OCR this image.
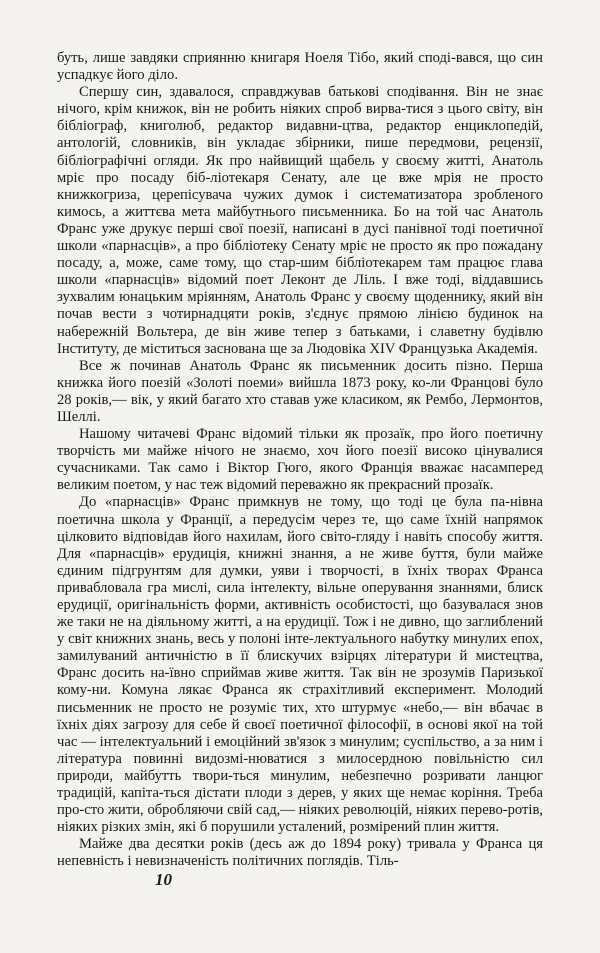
буть, лише завдяки сприянню книгаря Ноеля Тібо, який споді-вався, що син успадкує його діло.

Спершу син, здавалося, справджував батькові сподівання. Він не знає нічого, крім книжок, він не робить ніяких спроб вирва-тися з цього світу, він бібліограф, книголюб, редактор видавни-цтва, редактор енциклопедій, антологій, словників, він укладає збірники, пише передмови, рецензії, бібліографічні огляди. Як про найвищий щабель у своєму житті, Анатоль мріє про посаду біб-ліотекаря Сенату, але це вже мрія не просто книжкогриза, церепісувача чужих думок і систематизатора зробленого кимось, а життєва мета майбутнього письменника. Бо на той час Анатоль Франс уже друкує перші свої поезії, написані в дусі панівної тоді поетичної школи «парнасців», а про бібліотеку Сенату мріє не просто як про пожадану посаду, а, може, саме тому, що стар-шим бібліотекарем там працює глава школи «парнасців» відомий поет Леконт де Ліль. І вже тоді, віддавшись зухвалим юнацьким мріянням, Анатоль Франс у своєму щоденнику, який він почав вести з чотирнадцяти років, з'єднує прямою лінією будинок на набережній Вольтера, де він живе тепер з батьками, і славетну будівлю Інституту, де міститься заснована ще за Людовіка XIV Французька Академія.

Все ж починав Анатоль Франс як письменник досить пізно. Перша книжка його поезій «Золоті поеми» вийшла 1873 року, ко-ли Францові було 28 років,— вік, у який багато хто ставав уже класиком, як Рембо, Лермонтов, Шеллі.

Нашому читачеві Франс відомий тільки як прозаїк, про його поетичну творчість ми майже нічого не знаємо, хоч його поезії високо цінувалися сучасниками. Так само і Віктор Гюго, якого Франція вважає насамперед великим поетом, у нас теж відомий переважно як прекрасний прозаїк.

До «парнасців» Франс примкнув не тому, що тоді це була па-нівна поетична школа у Франції, а передусім через те, що саме їхній напрямок цілковито відповідав його нахилам, його світо-гляду і навіть способу життя. Для «парнасців» ерудиція, книжні знання, а не живе буття, були майже єдиним підгрунтям для думки, уяви і творчості, в їхніх творах Франса привабловала гра мислі, сила інтелекту, вільне оперування знаннями, блиск ерудиції, оригінальність форми, активність особистості, що базувалася знов же таки не на діяльному житті, а на ерудиції. Тож і не дивно, що заглиблений у світ книжних знань, весь у полоні інте-лектуального набутку минулих епох, замилуваний античністю в її блискучих взірцях літератури й мистецтва, Франс досить на-ївно сприймав живе життя. Так він не зрозумів Паризької кому-ни. Комуна лякає Франса як страхітливий експеримент. Молодий письменник не просто не розуміє тих, хто штурмує «небо,— він вбачає в їхніх діях загрозу для себе й своєї поетичної філософії, в основі якої на той час — інтелектуальний і емоційний зв'язок з минулим; суспільство, а за ним і література повинні видозмі-нюватися з милосердною повільністю сил природи, майбутть твори-ться минулим, небезпечно розривати ланцюг традицій, капіта-ться дістати плоди з дерев, у яких ще немає коріння. Треба про-сто жити, обробляючи свій сад,— ніяких революцій, ніяких перево-ротів, ніяких різких змін, які б порушили усталений, розмірений плин життя.

Майже два десятки років (десь аж до 1894 року) тривала у Франса ця непевність і невизначеність політичних поглядів. Тіль-

10
